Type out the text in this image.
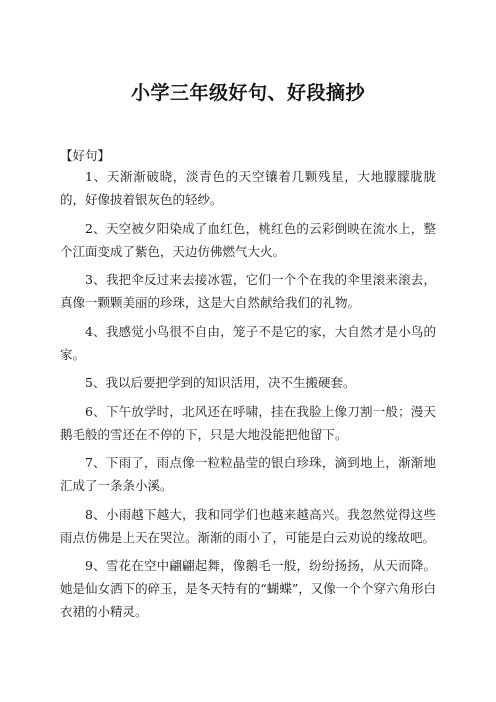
小学三年级好句、好段摘抄
【好句】

1、天渐渐破晓，淡青色的天空镶着几颗残星，大地朦朦胧胧的，好像披着银灰色的轻纱。

2、天空被夕阳染成了血红色，桃红色的云彩倒映在流水上，整个江面变成了紫色，天边仿佛燃气大火。

3、我把伞反过来去接冰雹，它们一个个在我的伞里滚来滚去，真像一颗颗美丽的珍珠，这是大自然献给我们的礼物。

4、我感觉小鸟很不自由，笼子不是它的家，大自然才是小鸟的家。

5、我以后要把学到的知识活用，决不生搬硬套。

6、下午放学时，北风还在呼啸，挂在我脸上像刀割一般；漫天鹅毛般的雪还在不停的下，只是大地没能把他留下。

7、下雨了，雨点像一粒粒晶莹的银白珍珠，滴到地上，渐渐地汇成了一条条小溪。

8、小雨越下越大，我和同学们也越来越高兴。我忽然觉得这些雨点仿佛是上天在哭泣。渐渐的雨小了，可能是白云劝说的缘故吧。

9、雪花在空中翩翩起舞，像鹅毛一般，纷纷扬扬，从天而降。她是仙女洒下的碎玉，是冬天特有的“蝴蝶”，又像一个个穿六角形白衣裙的小精灵。
